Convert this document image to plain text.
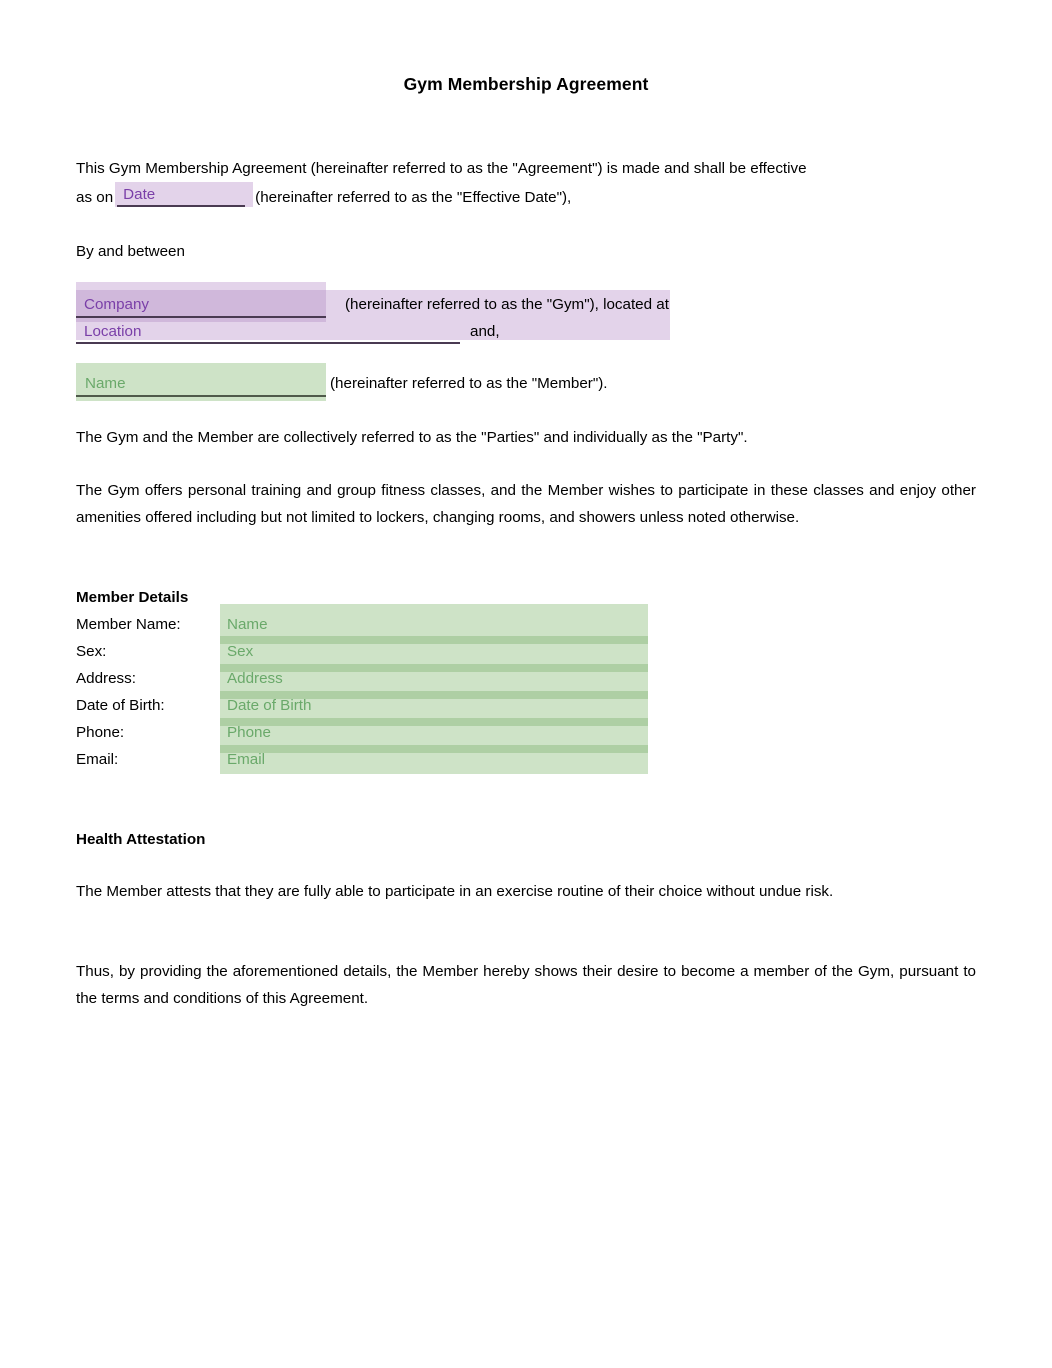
Gym Membership Agreement
This Gym Membership Agreement (hereinafter referred to as the "Agreement") is made and shall be effective
as on Date	(hereinafter referred to as the "Effective Date"),
By and between
Company
Location
(hereinafter referred to as the "Gym"), located at
and,
Name	(hereinafter referred to as the "Member").
The Gym and the Member are collectively referred to as the "Parties" and individually as the "Party".
The Gym offers personal training and group fitness classes, and the Member wishes to participate in these classes and enjoy other amenities offered including but not limited to lockers, changing rooms, and showers unless noted otherwise.
Member Details
Member Name:	Name
Sex:	Sex
Address:	Address
Date of Birth:	Date of Birth
Phone:	Phone
Email:	Email
Health Attestation
The Member attests that they are fully able to participate in an exercise routine of their choice without undue risk.
Thus, by providing the aforementioned details, the Member hereby shows their desire to become a member of the Gym, pursuant to the terms and conditions of this Agreement.
